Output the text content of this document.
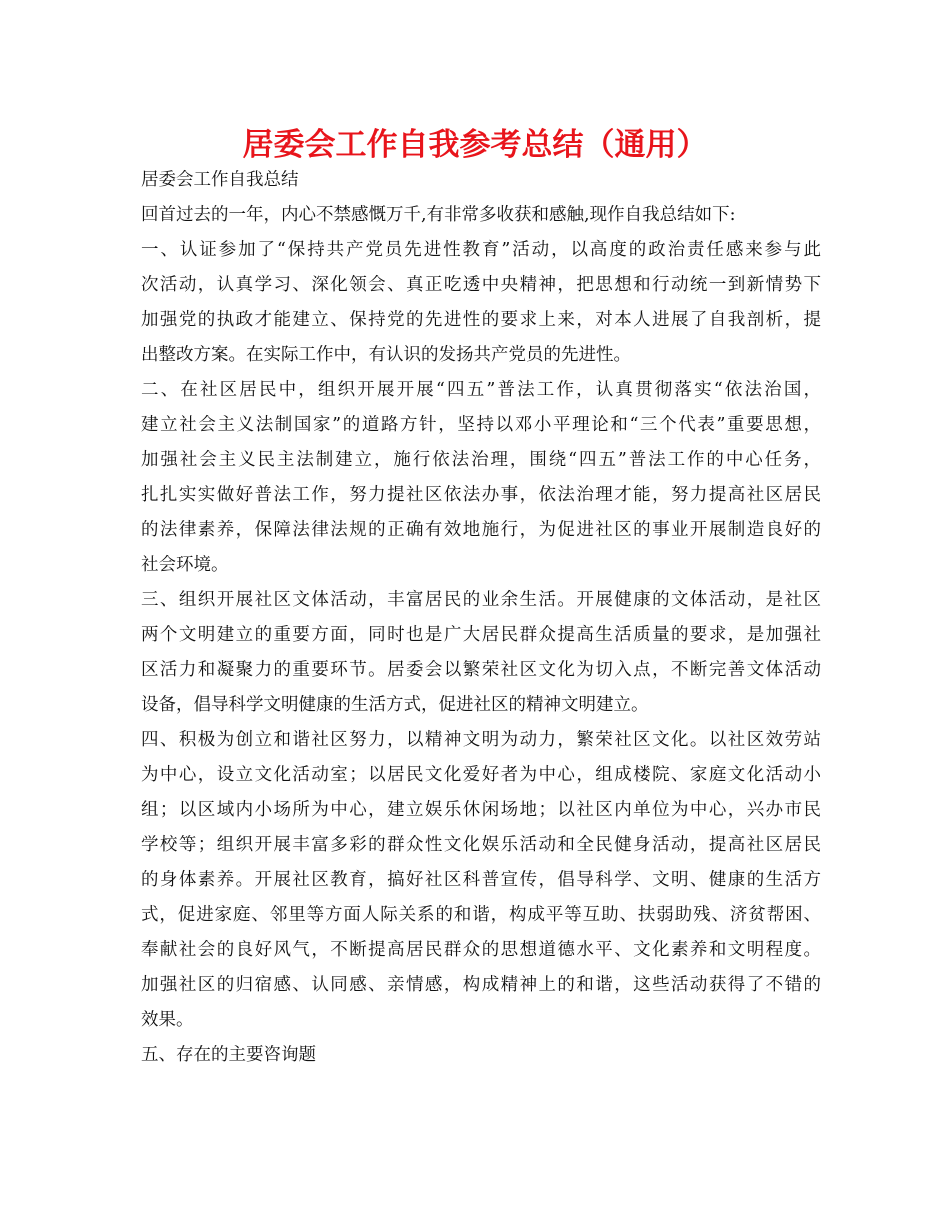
居委会工作自我参考总结（通用）
居委会工作自我总结
回首过去的一年，内心不禁感慨万千,有非常多收获和感触,现作自我总结如下:
一、认证参加了“保持共产党员先进性教育”活动，以高度的政治责任感来参与此
次活动，认真学习、深化领会、真正吃透中央精神，把思想和行动统一到新情势下
加强党的执政才能建立、保持党的先进性的要求上来，对本人进展了自我剖析，提
出整改方案。在实际工作中，有认识的发扬共产党员的先进性。
二、在社区居民中，组织开展开展“四五”普法工作，认真贯彻落实“依法治国，
建立社会主义法制国家”的道路方针，坚持以邓小平理论和“三个代表”重要思想，
加强社会主义民主法制建立，施行依法治理，围绕“四五”普法工作的中心任务，
扎扎实实做好普法工作，努力提社区依法办事，依法治理才能，努力提高社区居民
的法律素养，保障法律法规的正确有效地施行，为促进社区的事业开展制造良好的
社会环境。
三、组织开展社区文体活动，丰富居民的业余生活。开展健康的文体活动，是社区
两个文明建立的重要方面，同时也是广大居民群众提高生活质量的要求，是加强社
区活力和凝聚力的重要环节。居委会以繁荣社区文化为切入点，不断完善文体活动
设备，倡导科学文明健康的生活方式，促进社区的精神文明建立。
四、积极为创立和谐社区努力，以精神文明为动力，繁荣社区文化。以社区效劳站
为中心，设立文化活动室；以居民文化爱好者为中心，组成楼院、家庭文化活动小
组；以区域内小场所为中心，建立娱乐休闲场地；以社区内单位为中心，兴办市民
学校等；组织开展丰富多彩的群众性文化娱乐活动和全民健身活动，提高社区居民
的身体素养。开展社区教育，搞好社区科普宣传，倡导科学、文明、健康的生活方
式，促进家庭、邻里等方面人际关系的和谐，构成平等互助、扶弱助残、济贫帮困、
奉献社会的良好风气，不断提高居民群众的思想道德水平、文化素养和文明程度。
加强社区的归宿感、认同感、亲情感，构成精神上的和谐，这些活动获得了不错的
效果。
五、存在的主要咨询题
